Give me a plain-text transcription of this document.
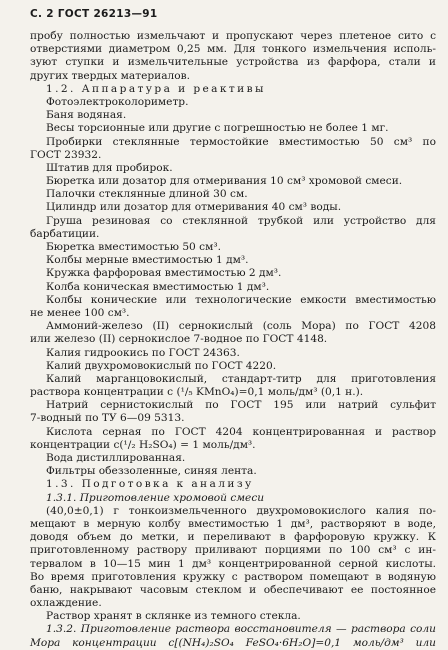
С. 2 ГОСТ 26213—91
пробу полностью измельчают и пропускают через плетеное сито с
отверстиями диаметром 0,25 мм. Для тонкого измельчения исполь-
зуют ступки и измельчительные устройства из фарфора, стали и
других твердых материалов.
1.2. Аппаратура и реактивы
Фотоэлектроколориметр.
Баня водяная.
Весы торсионные или другие с погрешностью не более 1 мг.
Пробирки стеклянные термостойкие вместимостью 50 см³ по
ГОСТ 23932.
Штатив для пробирок.
Бюретка или дозатор для отмеривания 10 см³ хромовой смеси.
Палочки стеклянные длиной 30 см.
Цилиндр или дозатор для отмеривания 40 см³ воды.
Груша резиновая со стеклянной трубкой или устройство для
барбатиции.
Бюретка вместимостью 50 см³.
Колбы мерные вместимостью 1 дм³.
Кружка фарфоровая вместимостью 2 дм³.
Колба коническая вместимостью 1 дм³.
Колбы конические или технологические емкости вместимостью
не менее 100 см³.
Аммоний-железо (II) сернокислый (соль Мора) по ГОСТ 4208
или железо (II) сернокислое 7-водное по ГОСТ 4148.
Калия гидроокись по ГОСТ 24363.
Калий двухромовокислый по ГОСТ 4220.
Калий марганцовокислый, стандарт-титр для приготовления
раствора концентрации c (¹/₅ KMnO₄)=0,1 моль/дм³ (0,1 н.).
Натрий сернистокислый по ГОСТ 195 или натрий сульфит
7-водный по ТУ 6—09 5313.
Кислота серная по ГОСТ 4204 концентрированная и раствор
концентрации c(¹/₂ H₂SO₄) = 1 моль/дм³.
Вода дистиллированная.
Фильтры обеззоленные, синяя лента.
1.3. Подготовка к анализу
1.3.1. Приготовление хромовой смеси
(40,0±0,1) г тонкоизмельченного двухромовокислого калия по-
мещают в мерную колбу вместимостью 1 дм³, растворяют в воде,
доводя объем до метки, и переливают в фарфоровую кружку. К
приготовленному раствору приливают порциями по 100 см³ с ин-
тервалом в 10—15 мин 1 дм³ концентрированной серной кислоты.
Во время приготовления кружку с раствором помещают в водяную
баню, накрывают часовым стеклом и обеспечивают ее постоянное
охлаждение.
Раствор хранят в склянке из темного стекла.
1.3.2. Приготовление раствора восстановителя — раствора соли
Мора концентрации c[(NH₄)₂SO₄ FeSO₄·6H₂O]=0,1 моль/дм³ или
